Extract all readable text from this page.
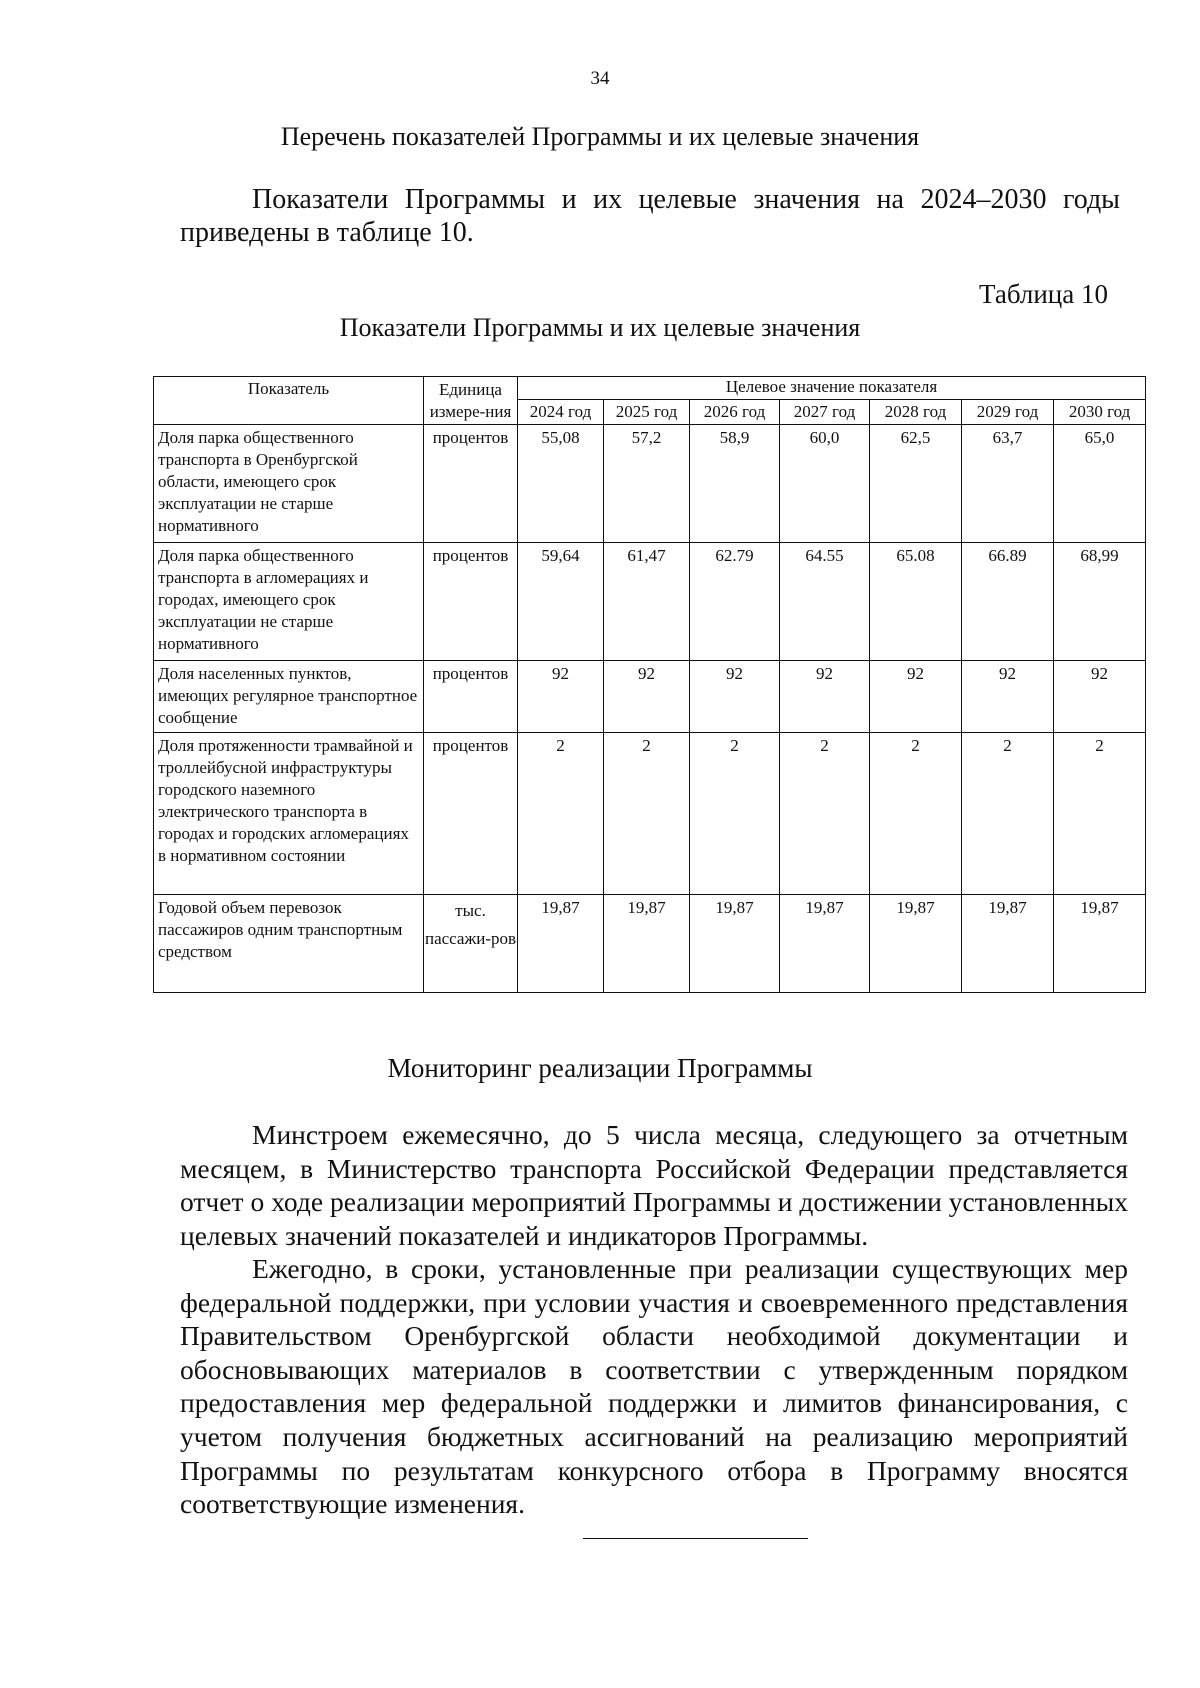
34
Перечень показателей Программы и их целевые значения
Показатели Программы и их целевые значения на 2024–2030 годы приведены в таблице 10.
Таблица 10
Показатели Программы и их целевые значения
Показатель	Единица измере-ния	Целевое значение показателя						
		2024 год	2025 год	2026 год	2027 год	2028 год	2029 год	2030 год
Доля парка общественного транспорта в Оренбургской области, имеющего срок эксплуатации не старше нормативного	процентов	55,08	57,2	58,9	60,0	62,5	63,7	65,0
Доля парка общественного транспорта в агломерациях и городах, имеющего срок эксплуатации не старше нормативного	процентов	59,64	61,47	62.79	64.55	65.08	66.89	68,99
Доля населенных пунктов, имеющих регулярное транспортное сообщение	процентов	92	92	92	92	92	92	92
Доля протяженности трамвайной и троллейбусной инфраструктуры городского наземного электрического транспорта в городах и городских агломерациях в нормативном состоянии	процентов	2	2	2	2	2	2	2
Годовой объем перевозок пассажиров одним транспортным средством	тыс. пассажи-ров	19,87	19,87	19,87	19,87	19,87	19,87	19,87
Мониторинг реализации Программы
Минстроем ежемесячно, до 5 числа месяца, следующего за отчетным месяцем, в Министерство транспорта Российской Федерации представляется отчет о ходе реализации мероприятий Программы и достижении установленных целевых значений показателей и индикаторов Программы.
Ежегодно, в сроки, установленные при реализации существующих мер федеральной поддержки, при условии участия и своевременного представления Правительством Оренбургской области необходимой документации и обосновывающих материалов в соответствии с утвержденным порядком предоставления мер федеральной поддержки и лимитов финансирования, с учетом получения бюджетных ассигнований на реализацию мероприятий Программы по результатам конкурсного отбора в Программу вносятся соответствующие изменения.
